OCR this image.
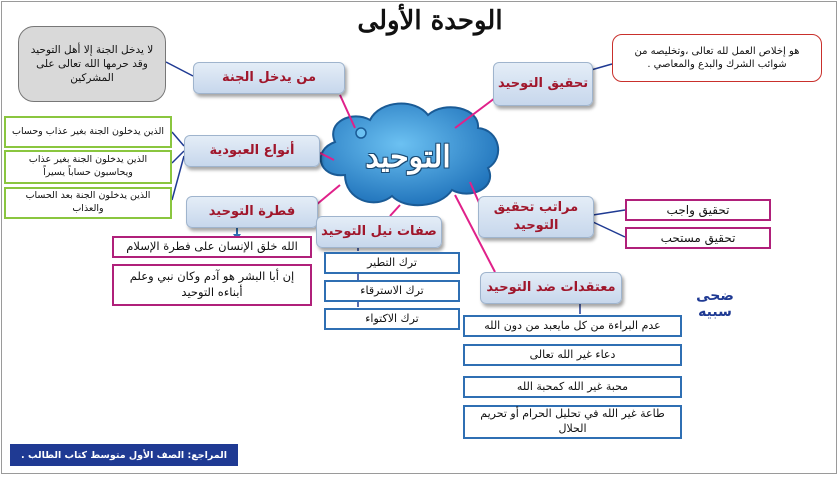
الوحدة الأولى
التوحيد
من يدخل الجنة	تحقيق التوحيد
أنواع العبودية
فطرة التوحيد
صفات نيل التوحيد
مراتب تحقيق التوحيد
معتقدات ضد التوحيد
لا يدخل الجنة إلا أهل التوحيد وقد حرمها الله تعالى على المشركين
هو إخلاص العمل لله تعالى ،وتخليصه من شوائب الشرك والبدع والمعاصي .
الذين يدخلون الجنة بغير عذاب وحساب
الذين يدخلون الجنة بغير عذاب ويحاسبون حساباً يسيراً
الذين يدخلون الجنة بعد الحساب والعذاب
الله خلق الإنسان على فطرة الإسلام
إن أبا البشر هو آدم وكان نبي وعلم أبناءه التوحيد
ترك التطير
ترك الاسترقاء
ترك الاكتواء
تحقيق واجب
تحقيق مستحب
عدم البراءة من كل مايعبد من دون الله
دعاء غير الله تعالى
محبة غير الله كمحبة الله
طاعة غير الله في تحليل الحرام أو تحريم الحلال
ضحى سبيه
المراجع: الصف الأول متوسط كتاب الطالب .
